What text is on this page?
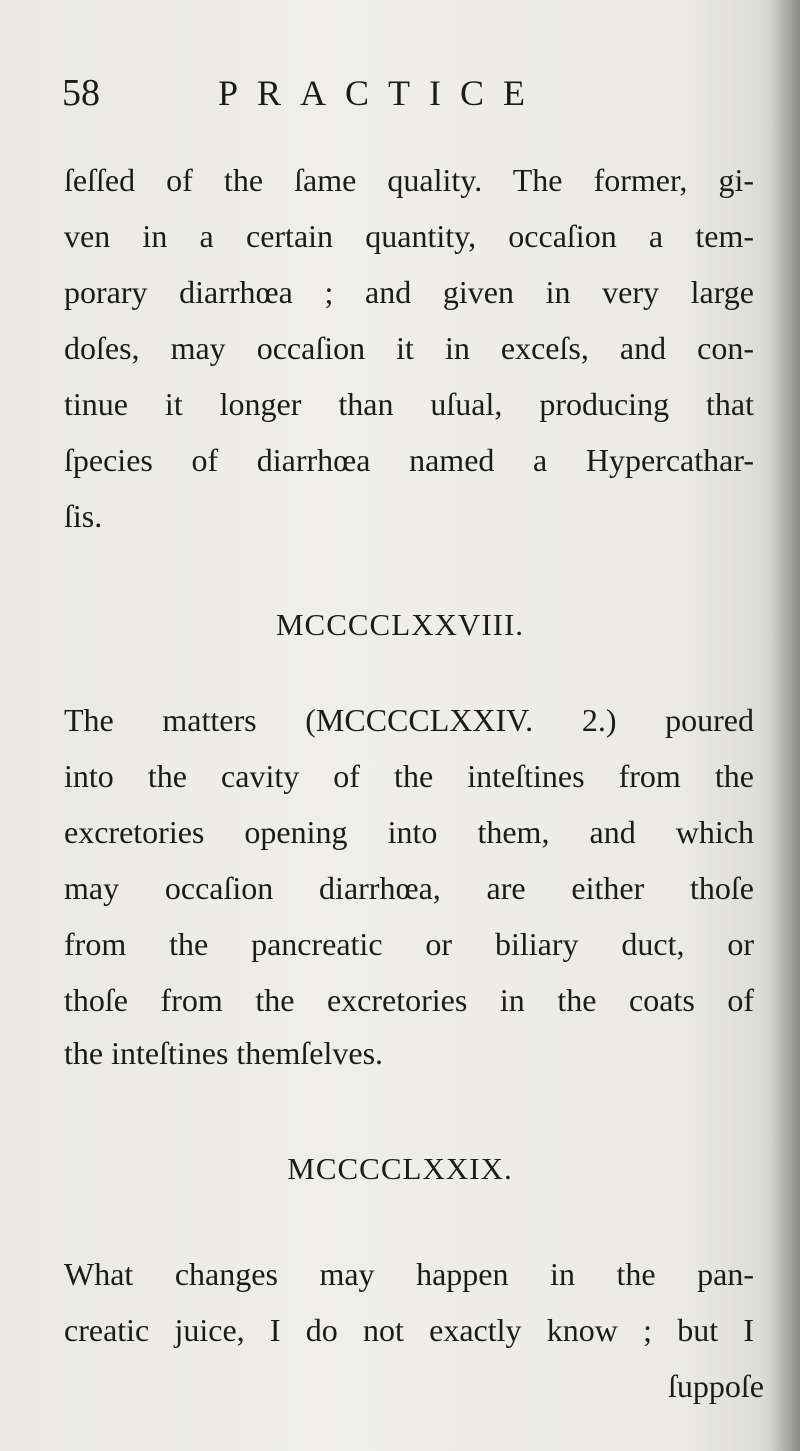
58	PRACTICE
ſeſſed of the ſame quality. The former, gi-
ven in a certain quantity, occaſion a tem-
porary diarrhœa ; and given in very large
doſes, may occaſion it in exceſs, and con-
tinue it longer than uſual, producing that
ſpecies of diarrhœa named a Hypercathar-
ſis.
MCCCCLXXVIII.
The matters (MCCCCLXXIV. 2.) poured
into the cavity of the inteſtines from the
excretories opening into them, and which
may occaſion diarrhœa, are either thoſe
from the pancreatic or biliary duct, or
thoſe from the excretories in the coats of
the inteſtines themſelves.
MCCCCLXXIX.
What changes may happen in the pan-
creatic juice, I do not exactly know ; but I
ſuppoſe
